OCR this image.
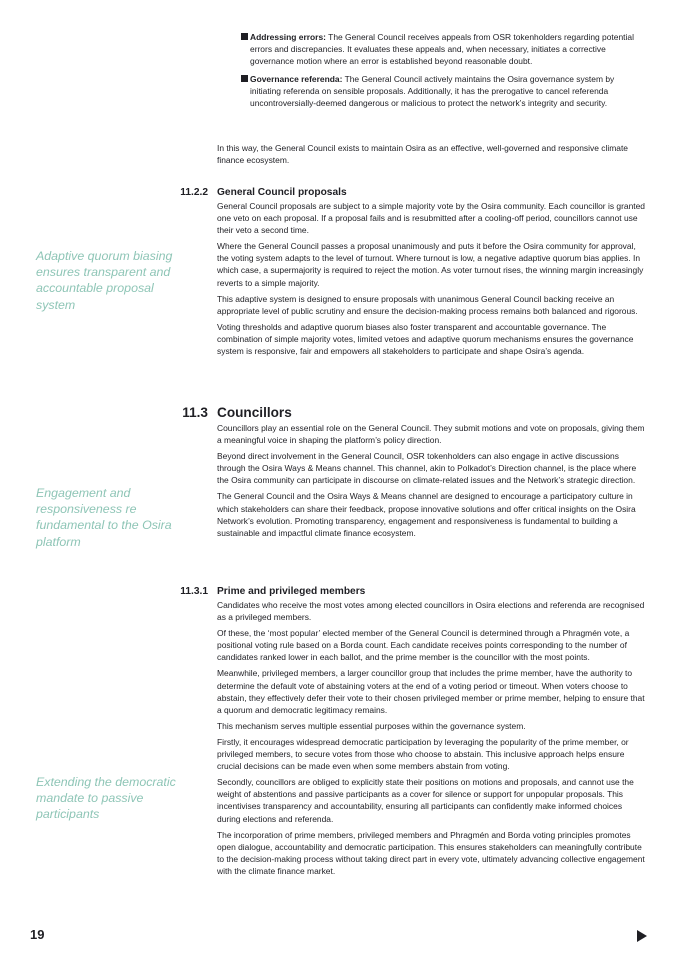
Addressing errors: The General Council receives appeals from OSR tokenholders regarding potential errors and discrepancies. It evaluates these appeals and, when necessary, initiates a corrective governance motion where an error is established beyond reasonable doubt.
Governance referenda: The General Council actively maintains the Osira governance system by initiating referenda on sensible proposals. Additionally, it has the prerogative to cancel referenda uncontroversially-deemed dangerous or malicious to protect the network’s integrity and security.

In this way, the General Council exists to maintain Osira as an effective, well-governed and responsive climate finance ecosystem.

11.2.2 General Council proposals

General Council proposals are subject to a simple majority vote by the Osira community. Each councillor is granted one veto on each proposal. If a proposal fails and is resubmitted after a cooling-off period, councillors cannot use their veto a second time.

Where the General Council passes a proposal unanimously and puts it before the Osira community for approval, the voting system adapts to the level of turnout. Where turnout is low, a negative adaptive quorum bias applies. In which case, a supermajority is required to reject the motion. As voter turnout rises, the winning margin increasingly reverts to a simple majority.

This adaptive system is designed to ensure proposals with unanimous General Council backing receive an appropriate level of public scrutiny and ensure the decision-making process remains both balanced and rigorous.

Voting thresholds and adaptive quorum biases also foster transparent and accountable governance. The combination of simple majority votes, limited vetoes and adaptive quorum mechanisms ensures the governance system is responsive, fair and empowers all stakeholders to participate and shape Osira’s agenda.

11.3 Councillors

Councillors play an essential role on the General Council. They submit motions and vote on proposals, giving them a meaningful voice in shaping the platform’s policy direction.

Beyond direct involvement in the General Council, OSR tokenholders can also engage in active discussions through the Osira Ways & Means channel. This channel, akin to Polkadot’s Direction channel, is the place where the Osira community can participate in discourse on climate-related issues and the Network’s strategic direction.

The General Council and the Osira Ways & Means channel are designed to encourage a participatory culture in which stakeholders can share their feedback, propose innovative solutions and offer critical insights on the Osira Network’s evolution. Promoting transparency, engagement and responsiveness is fundamental to building a sustainable and impactful climate finance ecosystem.

11.3.1 Prime and privileged members

Candidates who receive the most votes among elected councillors in Osira elections and referenda are recognised as a privileged members.

Of these, the ‘most popular’ elected member of the General Council is determined through a Phragmén vote, a positional voting rule based on a Borda count. Each candidate receives points corresponding to the number of candidates ranked lower in each ballot, and the prime member is the councillor with the most points.

Meanwhile, privileged members, a larger councillor group that includes the prime member, have the authority to determine the default vote of abstaining voters at the end of a voting period or timeout. When voters choose to abstain, they effectively defer their vote to their chosen privileged member or prime member, helping to ensure that a quorum and democratic legitimacy remains.

This mechanism serves multiple essential purposes within the governance system.

Firstly, it encourages widespread democratic participation by leveraging the popularity of the prime member, or privileged members, to secure votes from those who choose to abstain. This inclusive approach helps ensure crucial decisions can be made even when some members abstain from voting.

Secondly, councillors are obliged to explicitly state their positions on motions and proposals, and cannot use the weight of abstentions and passive participants as a cover for silence or support for unpopular proposals. This incentivises transparency and accountability, ensuring all participants can confidently make informed choices during elections and referenda.

The incorporation of prime members, privileged members and Phragmén and Borda voting principles promotes open dialogue, accountability and democratic participation. This ensures stakeholders can meaningfully contribute to the decision-making process without taking direct part in every vote, ultimately advancing collective engagement with the climate finance market.

Adaptive quorum biasing ensures transparent and accountable proposal system
Engagement and responsiveness re fundamental to the Osira platform
Extending the democratic mandate to passive participants
19
